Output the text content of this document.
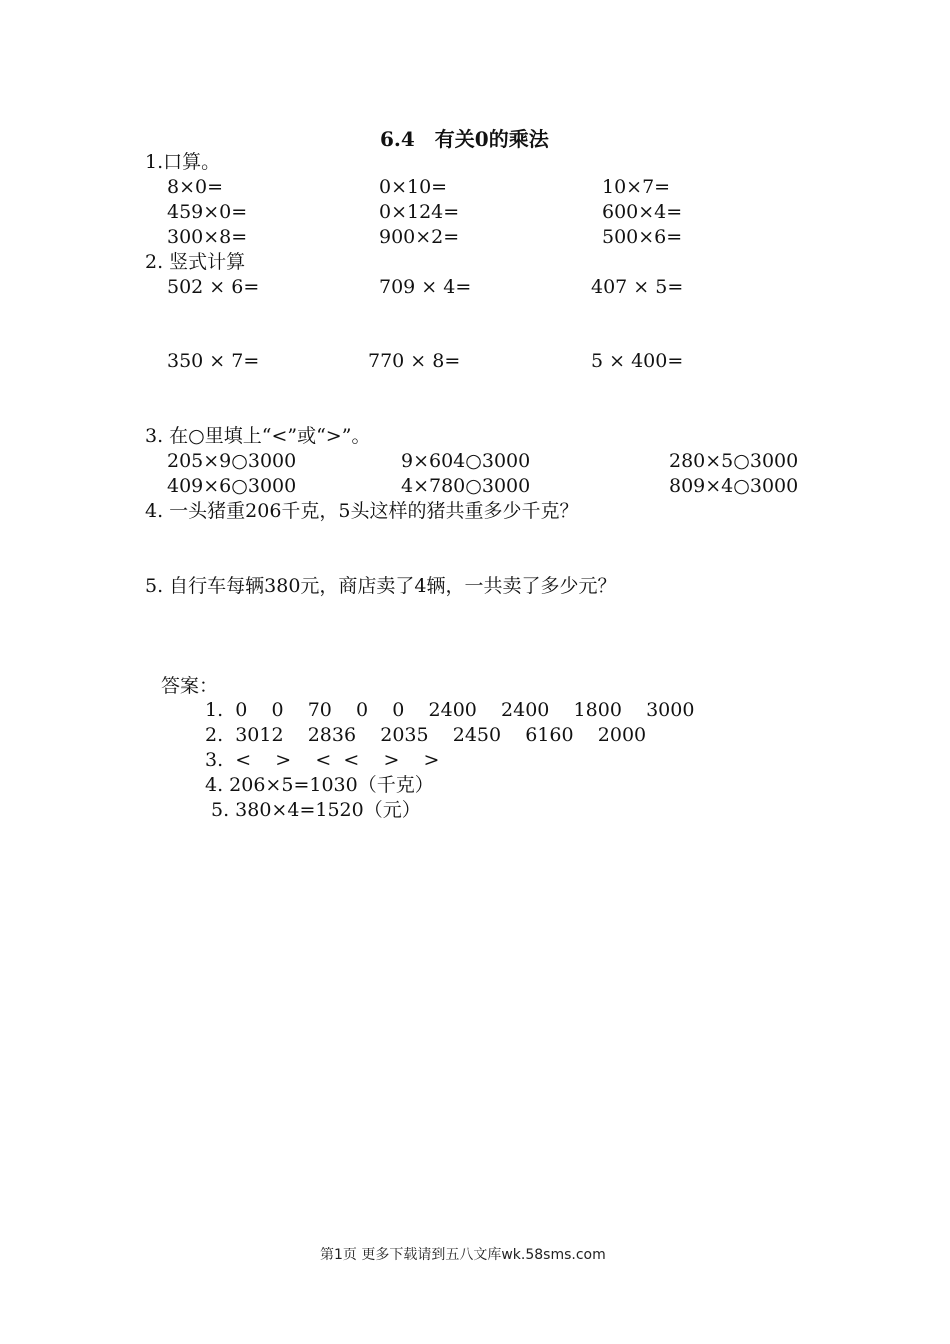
6.4　有关0的乘法
1.口算。
8×0=	0×10=	10×7=
459×0=	0×124=	600×4=
300×8=	900×2=	500×6=
2. 竖式计算
502 × 6=	709 × 4=	407 × 5=
350 × 7=	770 × 8=	5 × 400=
3. 在○里填上“<”或“>”。
205×9○3000	9×604○3000	280×5○3000
409×6○3000	4×780○3000	809×4○3000
4. 一头猪重206千克，5头这样的猪共重多少千克？
5. 自行车每辆380元，商店卖了4辆，一共卖了多少元？
答案：
1.  0    0    70    0    0    2400    2400    1800    3000
2.  3012    2836    2035    2450    6160    2000
3.  <    >    <  <    >    >
4. 206×5=1030（千克）
5. 380×4=1520（元）
第1页 更多下载请到五八文库wk.58sms.com
